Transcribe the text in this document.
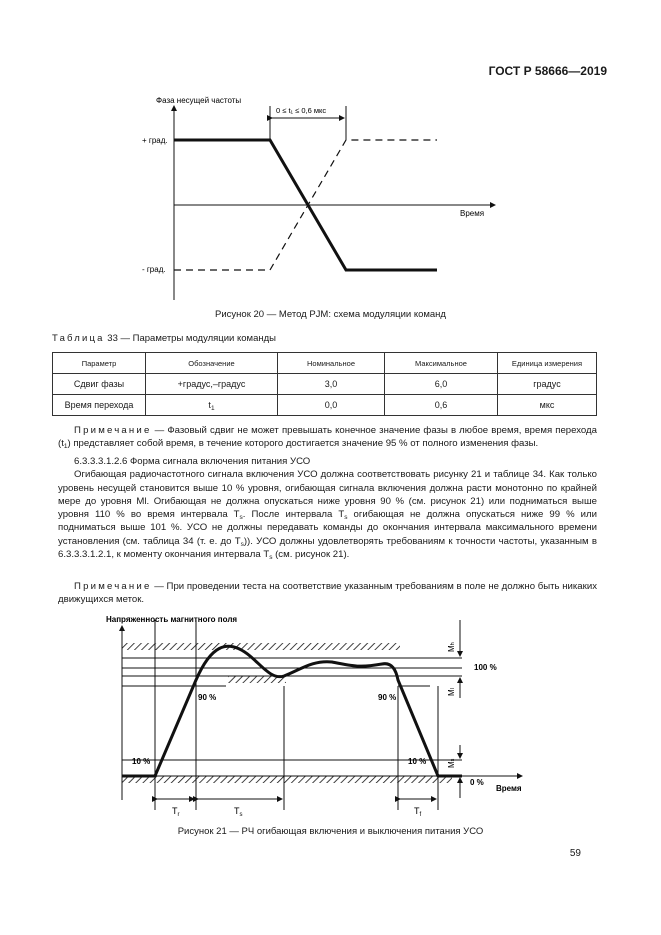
ГОСТ Р 58666—2019
Фаза несущей частоты
0 ≤ t₁ ≤ 0,6 мкс
+ град.
- град.
Время
Рисунок 20 — Метод PJM: схема модуляции команд
Таблица 33 — Параметры модуляции команды
Параметр	Обозначение	Номинальное	Максимальное	Единица измерения
Сдвиг фазы	+градус,–градус	3,0	6,0	градус
Время перехода	$t_1$	0,0	0,6	мкс

Примечание — Фазовый сдвиг не может превышать конечное значение фазы в любое время, время перехода $(t_1)$ представляет собой время, в течение которого достигается значение 95 % от полного изменения фазы.

6.3.3.3.1.2.6 Форма сигнала включения питания УСО

Огибающая радиочастотного сигнала включения УСО должна соответствовать рисунку 21 и таблице 34. Как только уровень несущей становится выше 10 % уровня, огибающая сигнала включения должна расти монотонно по крайней мере до уровня Ml. Огибающая не должна опускаться ниже уровня 90 % (см. рисунок 21) или подниматься выше уровня 110 % во время интервала $T_s$. После интервала $T_s$ огибающая не должна опускаться ниже 99 % или подниматься выше 101 %. УСО не должны передавать команды до окончания интервала максимального времени установления (см. таблица 34 (т. е. до $T_s$)). УСО должны удовлетворять требованиям к точности частоты, указанным в 6.3.3.3.1.2.1, к моменту окончания интервала $T_s$ (см. рисунок 21).

Примечание — При проведении теста на соответствие указанным требованиям в поле не должно быть никаких движущихся меток.

Напряженность магнитного поля
Время
100 %
0 %
90 %	90 %
10 %	10 %
$T_r$	$T_s$	$T_f$
Mh
Ml
Ms
Рисунок 21 — РЧ огибающая включения и выключения питания УСО
59
